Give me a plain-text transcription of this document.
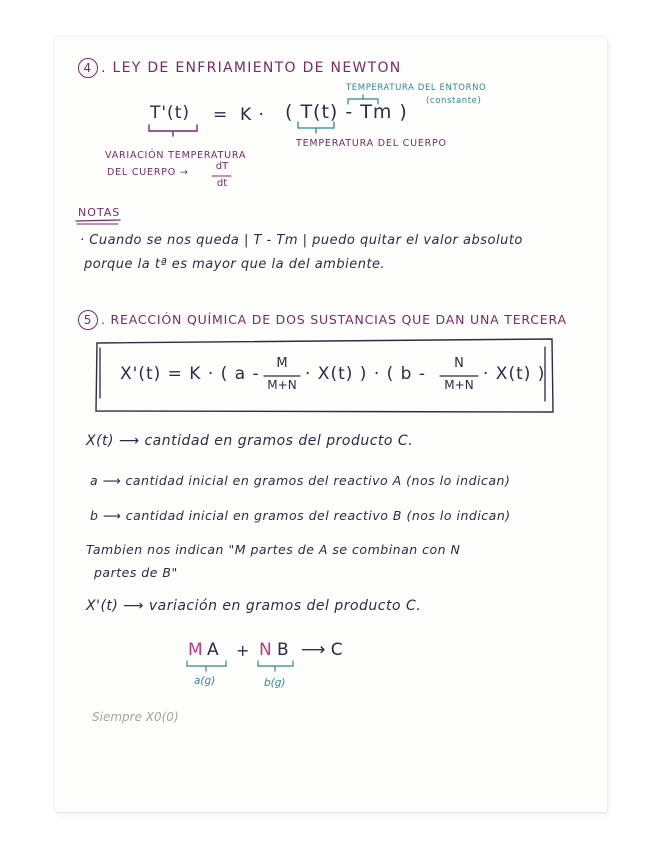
4 . LEY DE ENFRIAMIENTO DE NEWTON
TEMPERATURA DEL ENTORNO
(constante)
T'(t) = K · ( T(t) - Tm )
TEMPERATURA DEL CUERPO
VARIACIÓN TEMPERATURA
DEL CUERPO →
dT
dt
NOTAS
· Cuando se nos queda | T - Tm | puedo quitar el valor absoluto
porque la tª es mayor que la del ambiente.
5 . REACCIÓN QUÍMICA DE DOS SUSTANCIAS QUE DAN UNA TERCERA
X'(t) = K · ( a -
M
M+N
· X(t) ) · ( b -
N
M+N
· X(t) )
X(t) ⟶ cantidad en gramos del producto C.
a ⟶ cantidad inicial en gramos del reactivo A (nos lo indican)
b ⟶ cantidad inicial en gramos del reactivo B (nos lo indican)
Tambien nos indican "M partes de A se combinan con N
partes de B"
X'(t) ⟶ variación en gramos del producto C.
M A + N B ⟶ C
a(g)	b(g)
Siempre X0(0)
